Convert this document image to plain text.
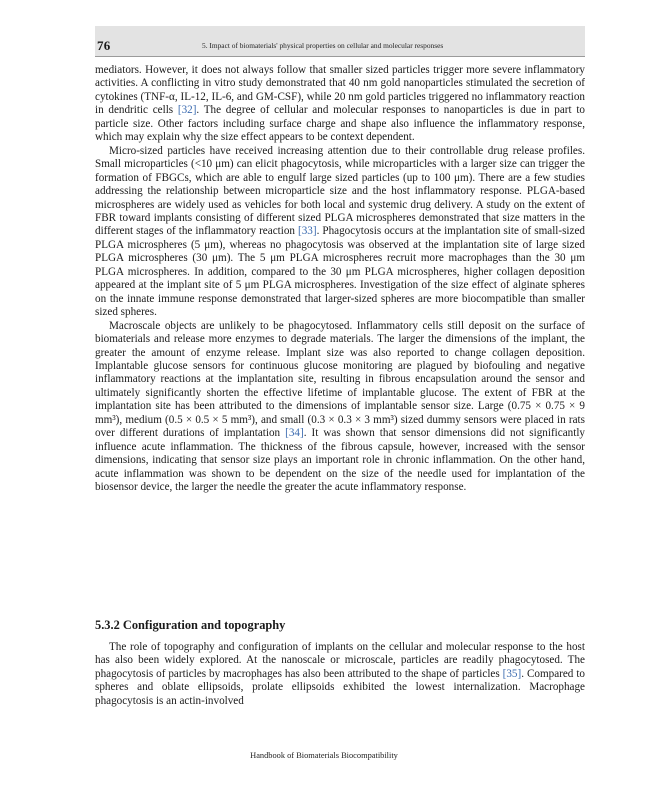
76	5. Impact of biomaterials' physical properties on cellular and molecular responses

mediators. However, it does not always follow that smaller sized particles trigger more severe inflammatory activities. A conflicting in vitro study demonstrated that 40 nm gold nanoparticles stimulated the secretion of cytokines (TNF-α, IL-12, IL-6, and GM-CSF), while 20 nm gold particles triggered no inflammatory reaction in dendritic cells [32]. The degree of cellular and molecular responses to nanoparticles is due in part to particle size. Other factors including surface charge and shape also influence the inflammatory response, which may explain why the size effect appears to be context dependent.

Micro-sized particles have received increasing attention due to their controllable drug release profiles. Small microparticles (<10 μm) can elicit phagocytosis, while microparticles with a larger size can trigger the formation of FBGCs, which are able to engulf large sized particles (up to 100 μm). There are a few studies addressing the relationship between microparticle size and the host inflammatory response. PLGA-based microspheres are widely used as vehicles for both local and systemic drug delivery. A study on the extent of FBR toward implants consisting of different sized PLGA microspheres demonstrated that size matters in the different stages of the inflammatory reaction [33]. Phagocytosis occurs at the implantation site of small-sized PLGA microspheres (5 μm), whereas no phagocytosis was observed at the implantation site of large sized PLGA microspheres (30 μm). The 5 μm PLGA microspheres recruit more macrophages than the 30 μm PLGA microspheres. In addition, compared to the 30 μm PLGA microspheres, higher collagen deposition appeared at the implant site of 5 μm PLGA microspheres. Investigation of the size effect of alginate spheres on the innate immune response demonstrated that larger-sized spheres are more biocompatible than smaller sized spheres.

Macroscale objects are unlikely to be phagocytosed. Inflammatory cells still deposit on the surface of biomaterials and release more enzymes to degrade materials. The larger the dimensions of the implant, the greater the amount of enzyme release. Implant size was also reported to change collagen deposition. Implantable glucose sensors for continuous glucose monitoring are plagued by biofouling and negative inflammatory reactions at the implantation site, resulting in fibrous encapsulation around the sensor and ultimately significantly shorten the effective lifetime of implantable glucose. The extent of FBR at the implantation site has been attributed to the dimensions of implantable sensor size. Large (0.75 × 0.75 × 9 mm³), medium (0.5 × 0.5 × 5 mm³), and small (0.3 × 0.3 × 3 mm³) sized dummy sensors were placed in rats over different durations of implantation [34]. It was shown that sensor dimensions did not significantly influence acute inflammation. The thickness of the fibrous capsule, however, increased with the sensor dimensions, indicating that sensor size plays an important role in chronic inflammation. On the other hand, acute inflammation was shown to be dependent on the size of the needle used for implantation of the biosensor device, the larger the needle the greater the acute inflammatory response.

5.3.2 Configuration and topography

The role of topography and configuration of implants on the cellular and molecular response to the host has also been widely explored. At the nanoscale or microscale, particles are readily phagocytosed. The phagocytosis of particles by macrophages has also been attributed to the shape of particles [35]. Compared to spheres and oblate ellipsoids, prolate ellipsoids exhibited the lowest internalization. Macrophage phagocytosis is an actin-involved

Handbook of Biomaterials Biocompatibility
